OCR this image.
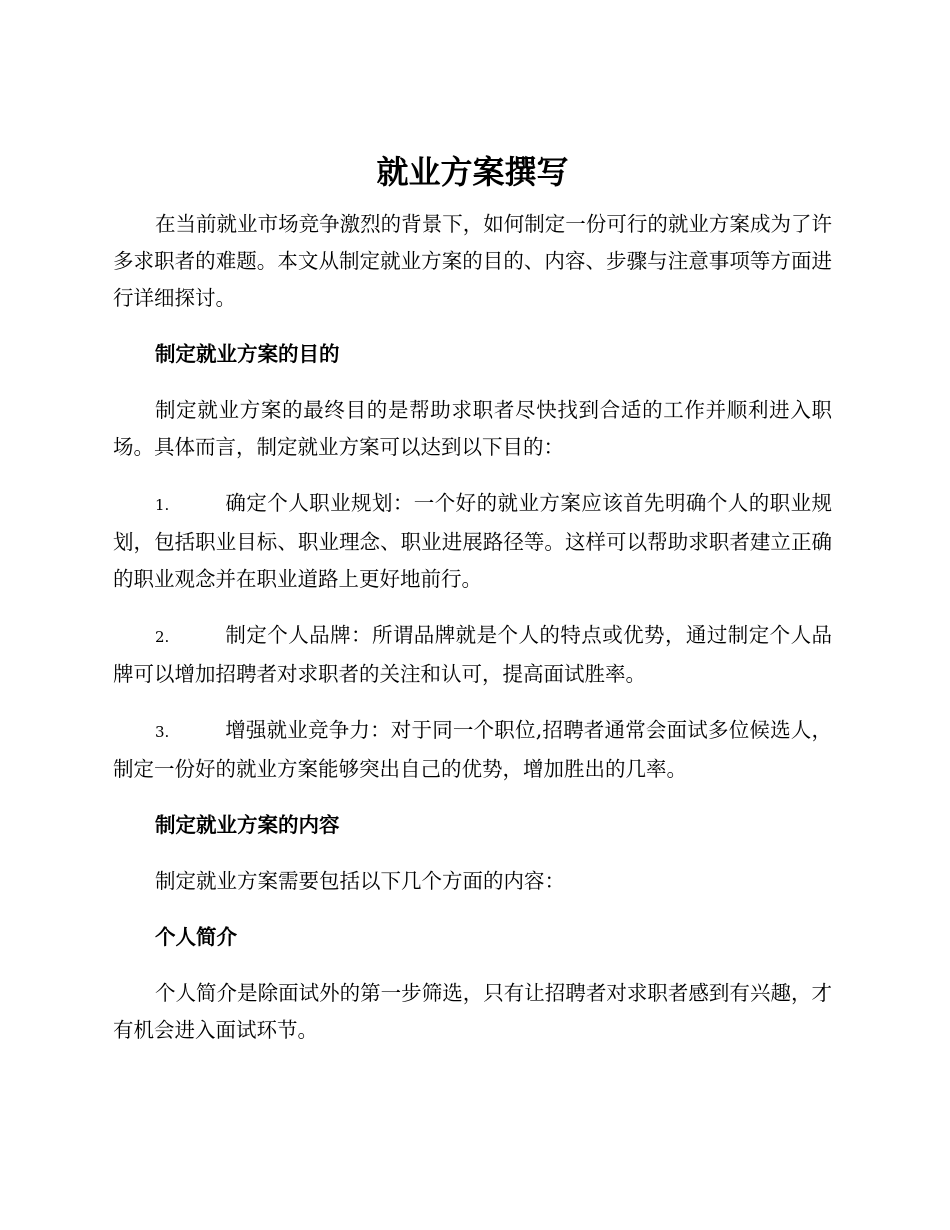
就业方案撰写

在当前就业市场竞争激烈的背景下，如何制定一份可行的就业方案成为了许多求职者的难题。本文从制定就业方案的目的、内容、步骤与注意事项等方面进行详细探讨。

制定就业方案的目的

制定就业方案的最终目的是帮助求职者尽快找到合适的工作并顺利进入职场。具体而言，制定就业方案可以达到以下目的：

1.	确定个人职业规划：一个好的就业方案应该首先明确个人的职业规划，包括职业目标、职业理念、职业进展路径等。这样可以帮助求职者建立正确的职业观念并在职业道路上更好地前行。

2.	制定个人品牌：所谓品牌就是个人的特点或优势，通过制定个人品牌可以增加招聘者对求职者的关注和认可，提高面试胜率。

3.	增强就业竞争力：对于同一个职位,招聘者通常会面试多位候选人，制定一份好的就业方案能够突出自己的优势，增加胜出的几率。

制定就业方案的内容

制定就业方案需要包括以下几个方面的内容：

个人简介

个人简介是除面试外的第一步筛选，只有让招聘者对求职者感到有兴趣，才有机会进入面试环节。
